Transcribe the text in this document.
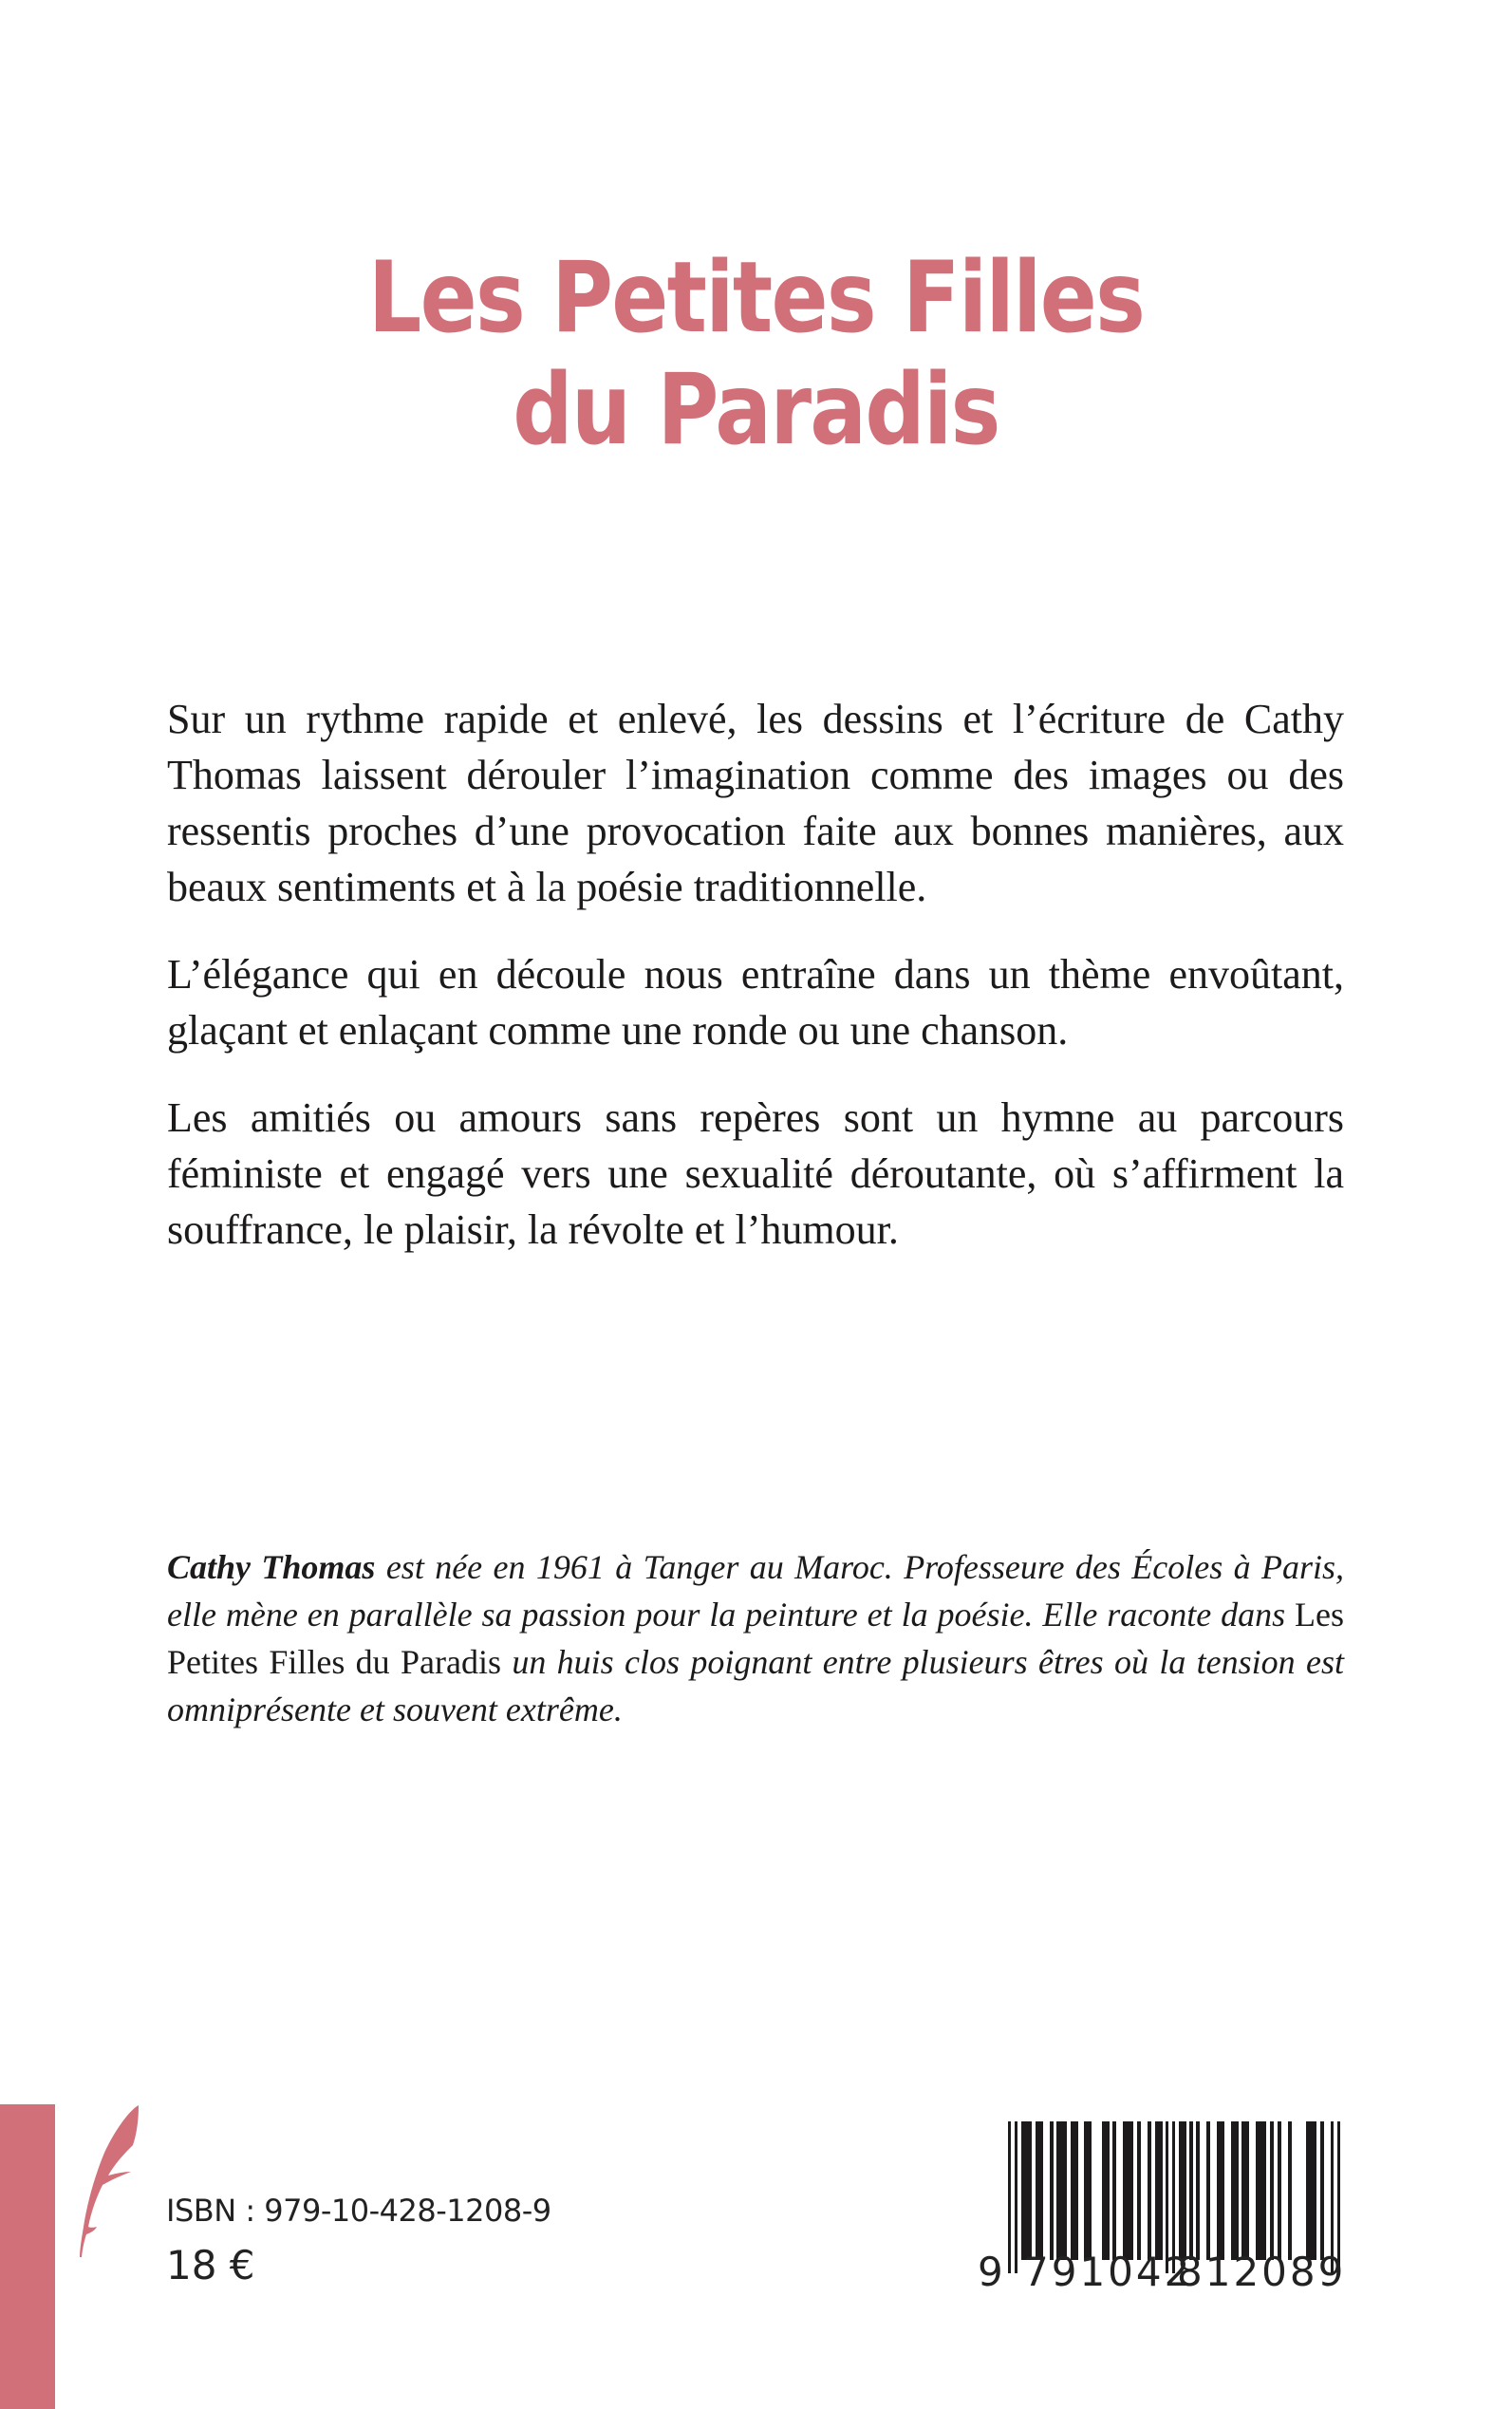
Les Petites Filles
du Paradis

Sur un rythme rapide et enlevé, les dessins et l’écriture de Cathy Thomas laissent dérouler l’imagination comme des images ou des ressentis proches d’une provocation faite aux bonnes manières, aux beaux sentiments et à la poésie traditionnelle.

L’élégance qui en découle nous entraîne dans un thème envoûtant, glaçant et enlaçant comme une ronde ou une chanson.

Les amitiés ou amours sans repères sont un hymne au parcours féministe et engagé vers une sexualité déroutante, où s’affirment la souffrance, le plaisir, la révolte et l’humour.

Cathy Thomas est née en 1961 à Tanger au Maroc. Professeure des Écoles à Paris, elle mène en parallèle sa passion pour la peinture et la poésie. Elle raconte dans Les Petites Filles du Paradis un huis clos poignant entre plusieurs êtres où la tension est omniprésente et souvent extrême.
ISBN : 979-10-428-1208-9
18 €	9 791042
812089
